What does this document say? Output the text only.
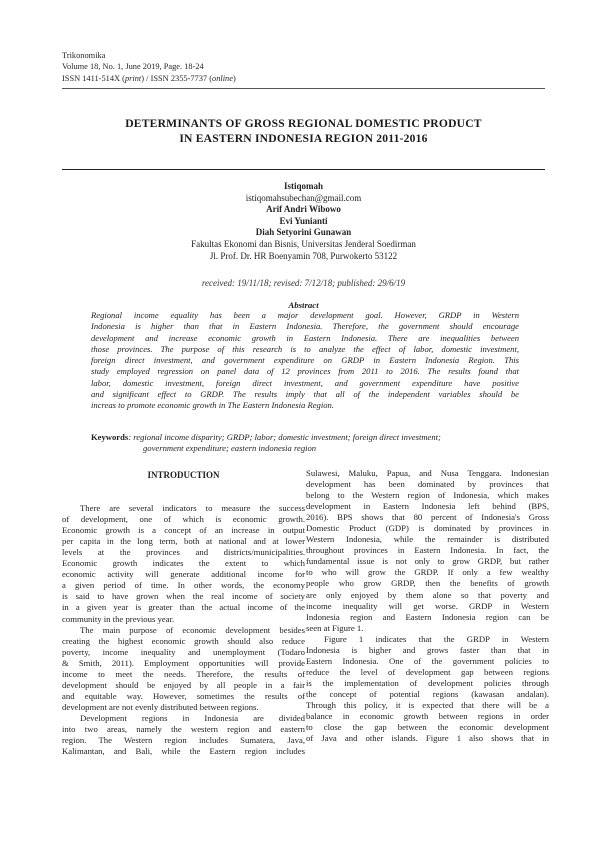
Trikonomika
Volume 18, No. 1, June 2019, Page. 18-24
ISSN 1411-514X (print) / ISSN 2355-7737 (online)
DETERMINANTS OF GROSS REGIONAL DOMESTIC PRODUCT
IN EASTERN INDONESIA REGION 2011-2016
Istiqomah
istiqomahsubechan@gmail.com
Arif Andri Wibowo
Evi Yunianti
Diah Setyorini Gunawan
Fakultas Ekonomi dan Bisnis, Universitas Jenderal Soedirman
Jl. Prof. Dr. HR Boenyamin 708, Purwokerto 53122
received: 19/11/18; revised: 7/12/18; published: 29/6/19
Abstract
Regional income equality has been a major development goal. However, GRDP in Western
Indonesia is higher than that in Eastern Indonesia. Therefore, the government should encourage
development and increase economic growth in Eastern Indonesia. There are inequalities between
those provinces. The purpose of this research is to analyze the effect of labor, domestic investment,
foreign direct investment, and government expenditure on GRDP in Eastern Indonesia Region. This
study employed regression on panel data of 12 provinces from 2011 to 2016. The results found that
labor, domestic investment, foreign direct investment, and government expenditure have positive
and significant effect to GRDP. The results imply that all of the independent variables should be
increas to promote economic growth in The Eastern Indonesia Region.
Keywords: regional income disparity; GRDP; labor; domestic investment; foreign direct investment;
government expenditure; eastern indonesia region
INTRODUCTION
There are several indicators to measure the success
of development, one of which is economic growth.
Economic growth is a concept of an increase in output
per capita in the long term, both at national and at lower
levels at the provinces and districts/municipalities.
Economic growth indicates the extent to which
economic activity will generate additional income for
a given period of time. In other words, the economy
is said to have grown when the real income of society
in a given year is greater than the actual income of the
community in the previous year.
The main purpose of economic development besides
creating the highest economic growth should also reduce
poverty, income inequality and unemployment (Todaro
& Smith, 2011). Employment opportunities will provide
income to meet the needs. Therefore, the results of
development should be enjoyed by all people in a fair
and equitable way. However, sometimes the results of
development are not evenly distributed between regions.
Development regions in Indonesia are divided
into two areas, namely the western region and eastern
region. The Western region includes Sumatera, Java,
Kalimantan, and Bali, while the Eastern region includes
Sulawesi, Maluku, Papua, and Nusa Tenggara. Indonesian
development has been dominated by provinces that
belong to the Western region of Indonesia, which makes
development in Eastern Indonesia left behind (BPS,
2016). BPS shows that 80 percent of Indonesia's Gross
Domestic Product (GDP) is dominated by provinces in
Western Indonesia, while the remainder is distributed
throughout provinces in Eastern Indonesia. In fact, the
fundamental issue is not only to grow GRDP, but rather
to who will grow the GRDP. If only a few wealthy
people who grow GRDP, then the benefits of growth
are only enjoyed by them alone so that poverty and
income inequality will get worse. GRDP in Western
Indonesia region and Eastern Indonesia region can be
seen at Figure 1.
Figure 1 indicates that the GRDP in Western
Indonesia is higher and grows faster than that in
Eastern Indonesia. One of the government policies to
reduce the level of development gap between regions
is the implementation of development policies through
the concept of potential regions (kawasan andalan).
Through this policy, it is expected that there will be a
balance in economic growth between regions in order
to close the gap between the economic development
of Java and other islands. Figure 1 also shows that in
